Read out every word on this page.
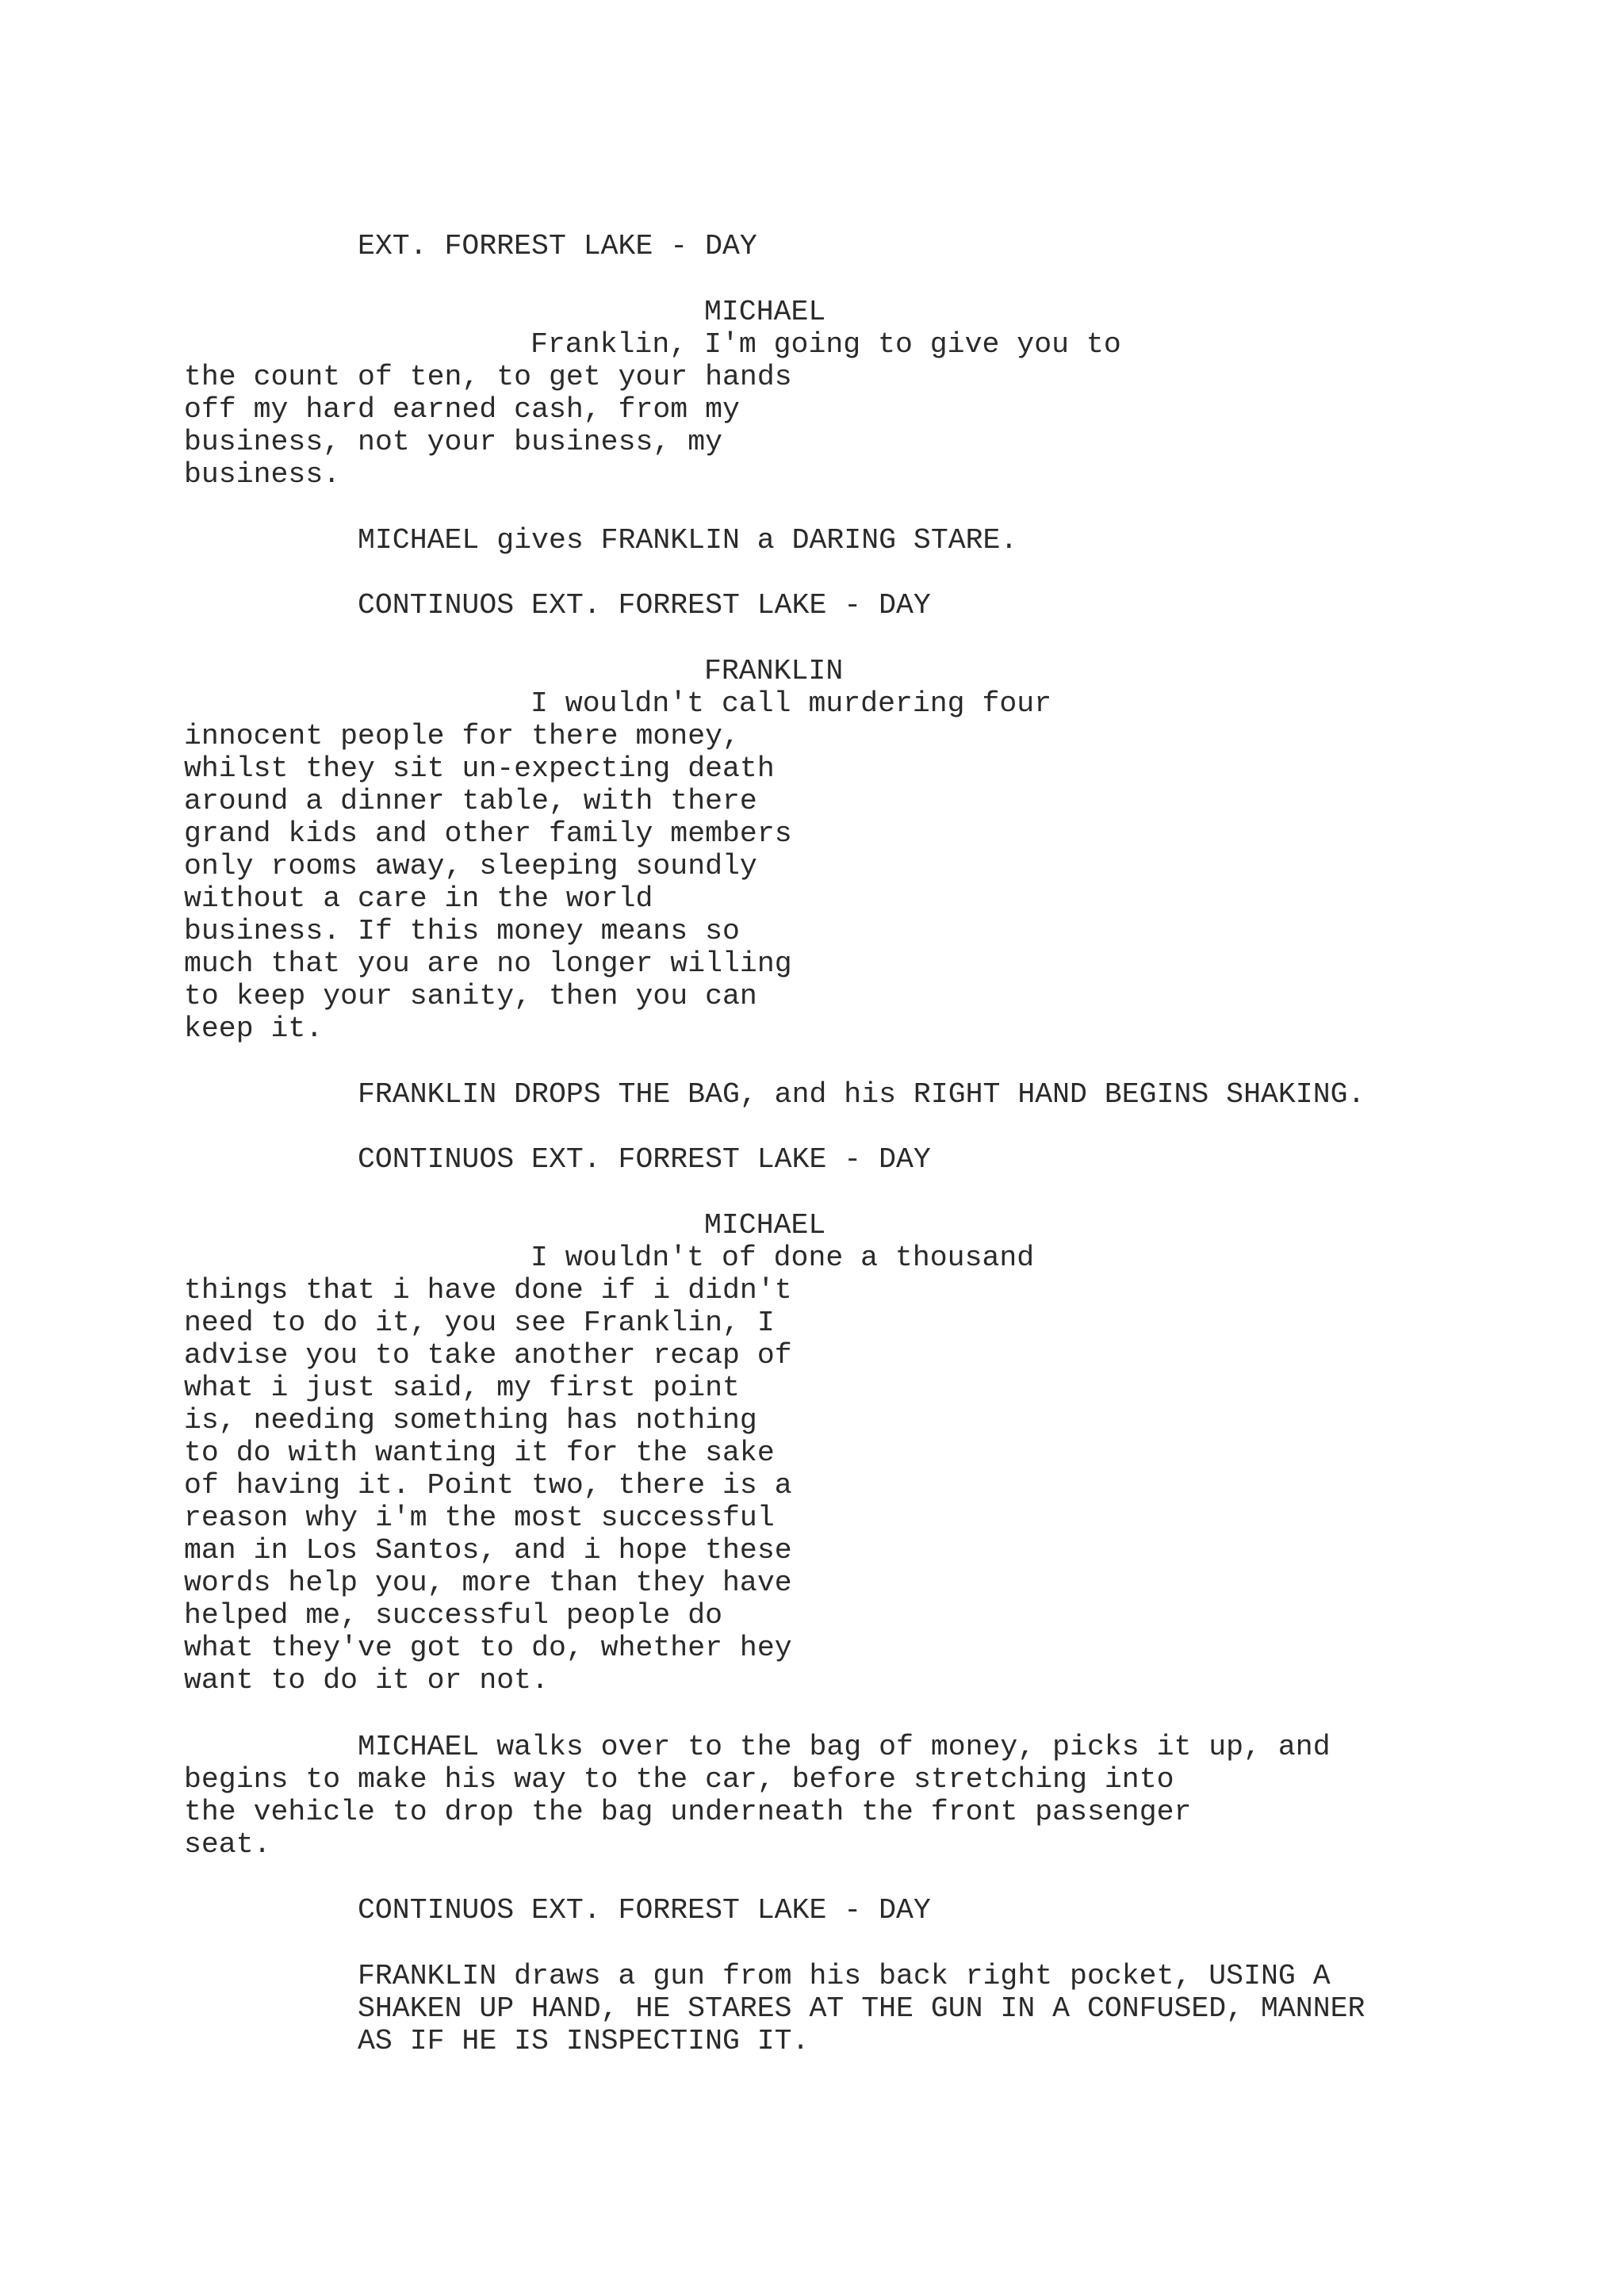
EXT. FORREST LAKE - DAY
MICHAEL
Franklin, I'm going to give you to
the count of ten, to get your hands
off my hard earned cash, from my
business, not your business, my
business.
MICHAEL gives FRANKLIN a DARING STARE.
CONTINUOS EXT. FORREST LAKE - DAY
FRANKLIN
I wouldn't call murdering four
innocent people for there money,
whilst they sit un-expecting death
around a dinner table, with there
grand kids and other family members
only rooms away, sleeping soundly
without a care in the world
business. If this money means so
much that you are no longer willing
to keep your sanity, then you can
keep it.
FRANKLIN DROPS THE BAG, and his RIGHT HAND BEGINS SHAKING.
CONTINUOS EXT. FORREST LAKE - DAY
MICHAEL
I wouldn't of done a thousand
things that i have done if i didn't
need to do it, you see Franklin, I
advise you to take another recap of
what i just said, my first point
is, needing something has nothing
to do with wanting it for the sake
of having it. Point two, there is a
reason why i'm the most successful
man in Los Santos, and i hope these
words help you, more than they have
helped me, successful people do
what they've got to do, whether hey
want to do it or not.
MICHAEL walks over to the bag of money, picks it up, and
begins to make his way to the car, before stretching into
the vehicle to drop the bag underneath the front passenger
seat.
CONTINUOS EXT. FORREST LAKE - DAY
FRANKLIN draws a gun from his back right pocket, USING A
SHAKEN UP HAND, HE STARES AT THE GUN IN A CONFUSED, MANNER
AS IF HE IS INSPECTING IT.
